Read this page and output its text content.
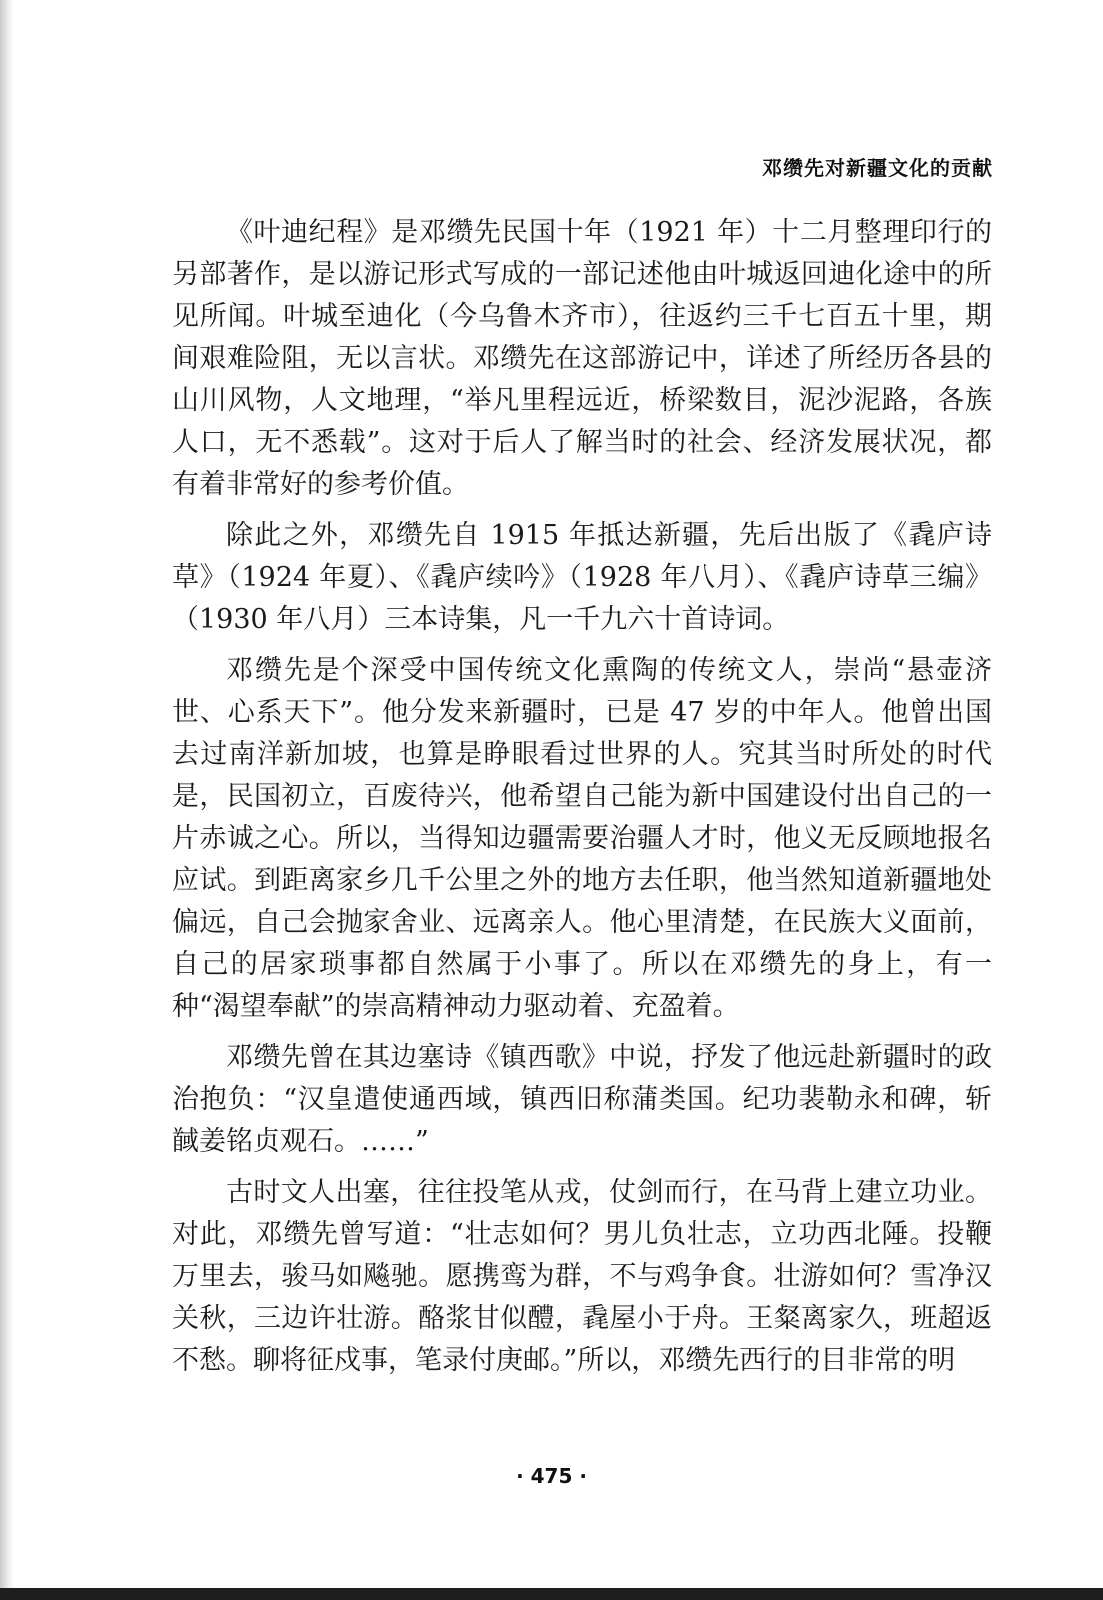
邓缵先对新疆文化的贡献

《叶迪纪程》是邓缵先民国十年（1921 年）十二月整理印行的另部著作，是以游记形式写成的一部记述他由叶城返回迪化途中的所见所闻。叶城至迪化（今乌鲁木齐市），往返约三千七百五十里，期间艰难险阻，无以言状。邓缵先在这部游记中，详述了所经历各县的山川风物，人文地理，“举凡里程远近，桥梁数目，泥沙泥路，各族人口，无不悉载”。这对于后人了解当时的社会、经济发展状况，都有着非常好的参考价值。

除此之外，邓缵先自 1915 年抵达新疆，先后出版了《毳庐诗草》（1924 年夏）、《毳庐续吟》（1928 年八月）、《毳庐诗草三编》（1930 年八月）三本诗集，凡一千九六十首诗词。

邓缵先是个深受中国传统文化熏陶的传统文人，崇尚“悬壶济世、心系天下”。他分发来新疆时，已是 47 岁的中年人。他曾出国去过南洋新加坡，也算是睁眼看过世界的人。究其当时所处的时代是，民国初立，百废待兴，他希望自己能为新中国建设付出自己的一片赤诚之心。所以，当得知边疆需要治疆人才时，他义无反顾地报名应试。到距离家乡几千公里之外的地方去任职，他当然知道新疆地处偏远，自己会抛家舍业、远离亲人。他心里清楚，在民族大义面前，自己的居家琐事都自然属于小事了。所以在邓缵先的身上，有一种“渴望奉献”的崇高精神动力驱动着、充盈着。

邓缵先曾在其边塞诗《镇西歌》中说，抒发了他远赴新疆时的政治抱负：“汉皇遣使通西域，镇西旧称蒲类国。纪功裴勒永和碑，斩馘姜铭贞观石。……”

古时文人出塞，往往投笔从戎，仗剑而行，在马背上建立功业。对此，邓缵先曾写道：“壮志如何？男儿负壮志，立功西北陲。投鞭万里去，骏马如飚驰。愿携鸾为群，不与鸡争食。壮游如何？雪净汉关秋，三边许壮游。酪浆甘似醴，毳屋小于舟。王粲离家久，班超返不愁。聊将征戍事，笔录付庚邮。”所以，邓缵先西行的目非常的明

· 475 ·
